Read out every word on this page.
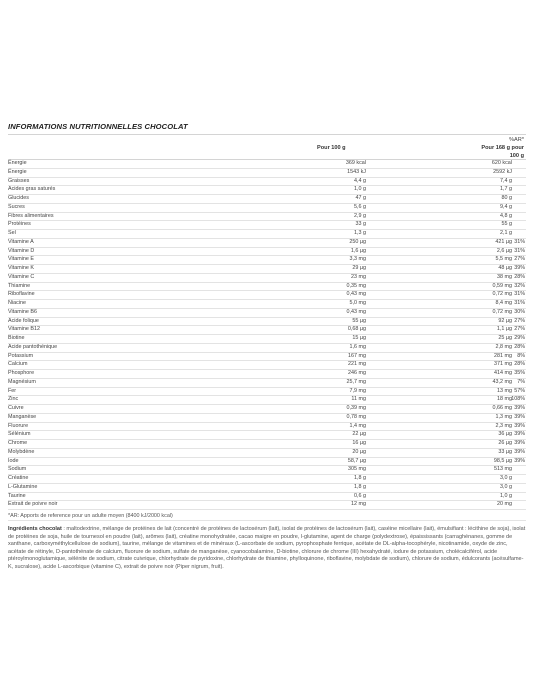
INFORMATIONS NUTRITIONNELLES CHOCOLAT
%AR*
Pour 100 g	Pour 168 g pour
100 g
Énergie	369 kcal	620 kcal
Énergie	1543 kJ	2592 kJ
Graisses	4,4 g	7,4 g
Acides gras saturés	1,0 g	1,7 g
Glucides	47 g	80 g
Sucres	5,6 g	9,4 g
Fibres alimentaires	2,9 g	4,8 g
Protéines	33 g	55 g
Sel	1,3 g	2,1 g
Vitamine A	250 µg	421 µg 31%
Vitamine D	1,6 µg	2,6 µg 31%
Vitamine E	3,3 mg	5,5 mg 27%
Vitamine K	29 µg	48 µg 39%
Vitamine C	23 mg	38 mg 28%
Thiamine	0,35 mg	0,59 mg 32%
Riboflavine	0,43 mg	0,72 mg 31%
Niacine	5,0 mg	8,4 mg 31%
Vitamine B6	0,43 mg	0,72 mg 30%
Acide folique	55 µg	92 µg 27%
Vitamine B12	0,68 µg	1,1 µg 27%
Biotine	15 µg	25 µg 29%
Acide pantothénique	1,6 mg	2,8 mg 28%
Potassium	167 mg	281 mg 8%
Calcium	221 mg	371 mg 28%
Phosphore	246 mg	414 mg 35%
Magnésium	25,7 mg	43,2 mg 7%
Fer	7,9 mg	13 mg 57%
Zinc	11 mg	18 mg 108%
Cuivre	0,39 mg	0,66 mg 39%
Manganèse	0,78 mg	1,3 mg 39%
Fluorure	1,4 mg	2,3 mg 39%
Sélénium	22 µg	36 µg 39%
Chrome	16 µg	26 µg 39%
Molybdène	20 µg	33 µg 39%
Iode	58,7 µg	98,5 µg 39%
Sodium	305 mg	513 mg
Créatine	1,8 g	3,0 g
L-Glutamine	1,8 g	3,0 g
Taurine	0,6 g	1,0 g
Extrait de poivre noir	12 mg	20 mg
*AR: Apports de reference pour un adulte moyen (8400 kJ/2000 kcal)
Ingrédients chocolat : maltodextrine, mélange de protéines de lait (concentré de protéines de lactosérum (lait), isolat de protéines de lactosérum (lait), caséine micellaire (lait), émulsifiant : lécithine de soja), isolat de protéines de soja, huile de tournesol en poudre (lait), arômes (lait), créatine monohydratée, cacao maigre en poudre, l-glutamine, agent de charge (polydextrose), épaississants (carraghénanes, gomme de xanthane, carboxyméthylcellulose de sodium), taurine, mélange de vitamines et de minéraux (L-ascorbate de sodium, pyrophosphate ferrique, acétate de DL-alpha-tocophéryle, nicotinamide, oxyde de zinc, acétate de rétinyle, D-pantothénate de calcium, fluorure de sodium, sulfate de manganèse, cyanocobalamine, D-biotine, chlorure de chrome (III) hexahydraté, iodure de potassium, cholécalciférol, acide ptéroylmonoglutamique, sélénite de sodium, citrate cuivrique, chlorhydrate de pyridoxine, chlorhydrate de thiamine, phylloquinone, riboflavine, molybdate de sodium), chlorure de sodium, édulcorants (acésulfame-K, sucralose), acide L-ascorbique (vitamine C), extrait de poivre noir (Piper nigrum, fruit).
